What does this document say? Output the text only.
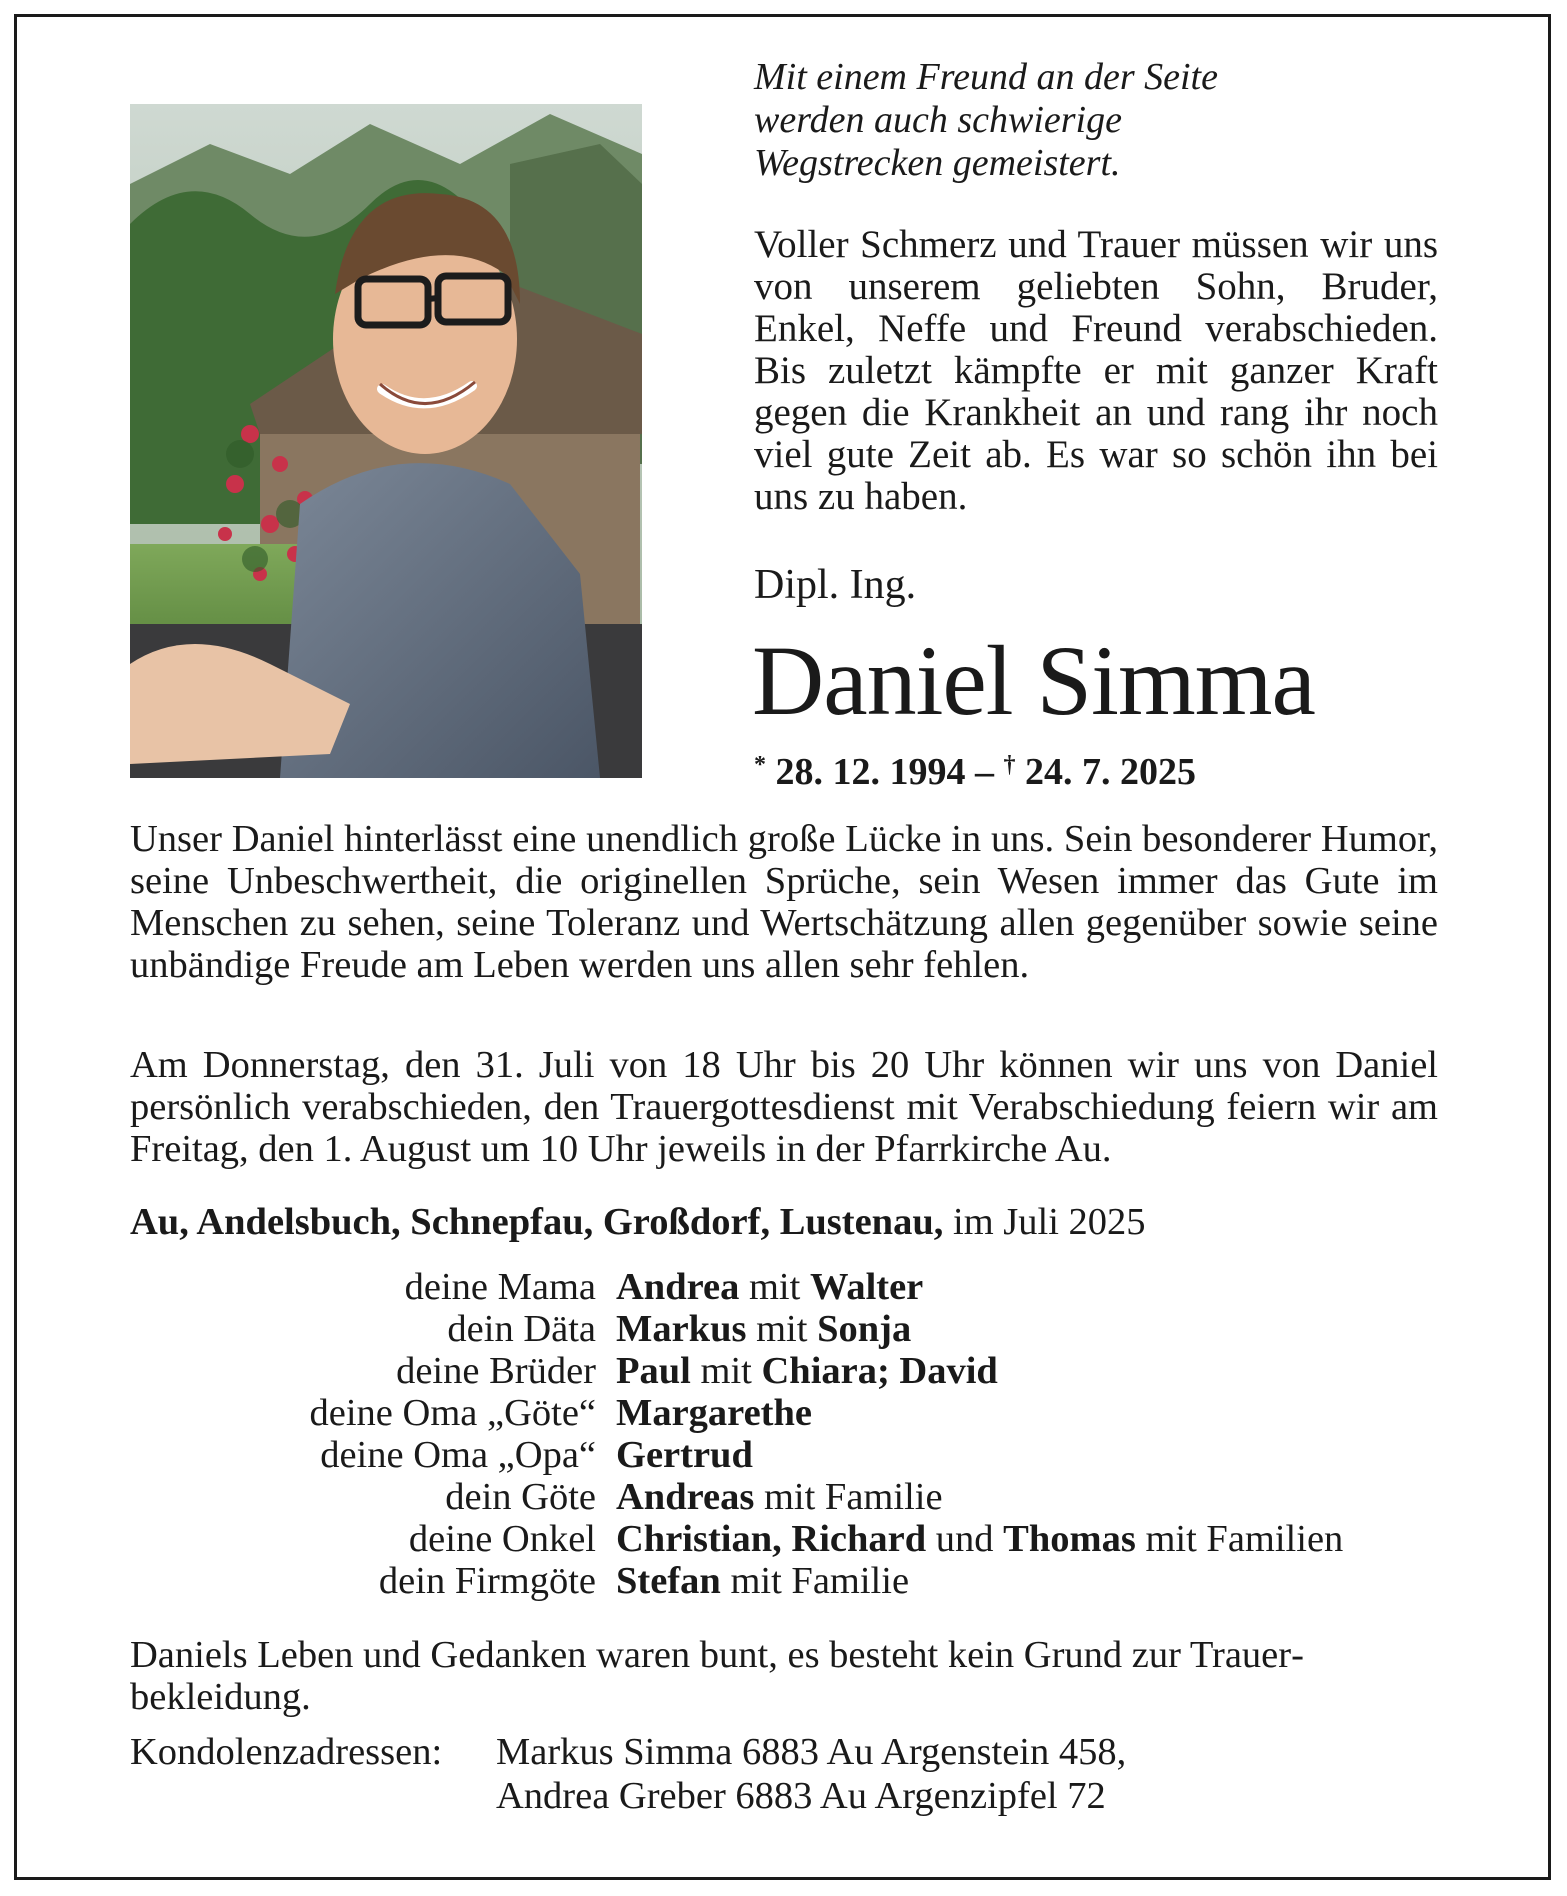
Mit einem Freund an der Seite
werden auch schwierige
Wegstrecken gemeistert.
Voller Schmerz und Trauer müssen wir uns von unserem geliebten Sohn, Bruder, Enkel, Neffe und Freund verabschieden. Bis zuletzt kämpfte er mit ganzer Kraft gegen die Krankheit an und rang ihr noch viel gute Zeit ab. Es war so schön ihn bei uns zu haben.
Dipl. Ing.
Daniel Simma
* 28. 12. 1994 – † 24. 7. 2025
Unser Daniel hinterlässt eine unendlich große Lücke in uns. Sein besonderer Humor, seine Unbeschwertheit, die originellen Sprüche, sein Wesen immer das Gute im Menschen zu sehen, seine Toleranz und Wertschätzung allen gegenüber sowie seine unbändige Freude am Leben werden uns allen sehr fehlen.
Am Donnerstag, den 31. Juli von 18 Uhr bis 20 Uhr können wir uns von Daniel persönlich verabschieden, den Trauergottesdienst mit Verabschiedung feiern wir am Freitag, den 1. August um 10 Uhr jeweils in der Pfarrkirche Au.
Au, Andelsbuch, Schnepfau, Großdorf, Lustenau, im Juli 2025
deine Mama Andrea mit Walter
dein Däta Markus mit Sonja
deine Brüder Paul mit Chiara; David
deine Oma „Göte“ Margarethe
deine Oma „Opa“ Gertrud
dein Göte Andreas mit Familie
deine Onkel Christian, Richard und Thomas mit Familien
dein Firmgöte Stefan mit Familie
Daniels Leben und Gedanken waren bunt, es besteht kein Grund zur Trauerbekleidung.
Kondolenzadressen:	Markus Simma 6883 Au Argenstein 458,
Andrea Greber 6883 Au Argenzipfel 72
